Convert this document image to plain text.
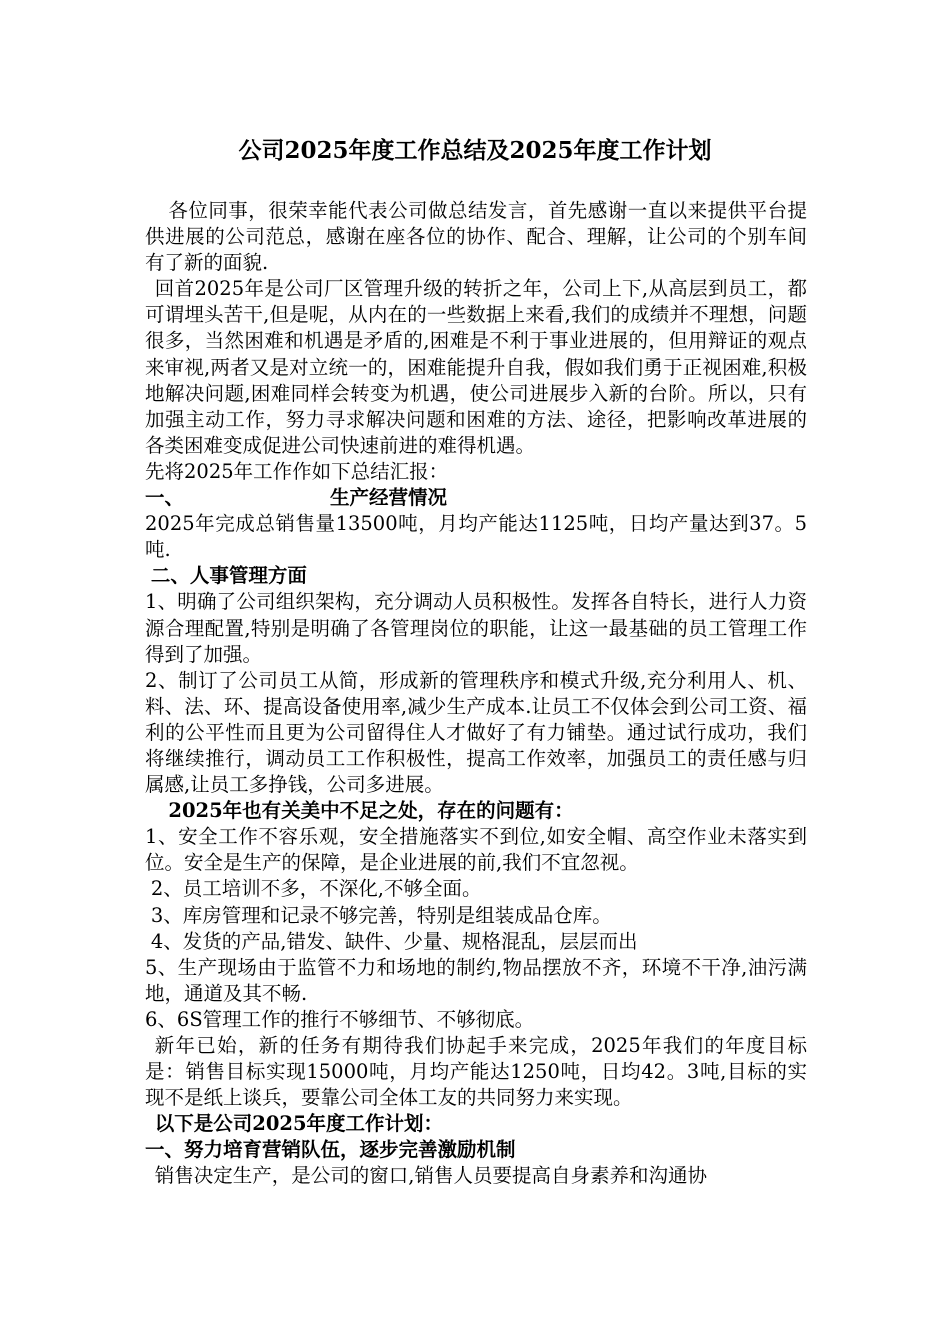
公司2025年度工作总结及2025年度工作计划

各位同事，很荣幸能代表公司做总结发言，首先感谢一直以来提供平台提供进展的公司范总，感谢在座各位的协作、配合、理解，让公司的个别车间有了新的面貌.

回首2025年是公司厂区管理升级的转折之年，公司上下,从高层到员工，都可谓埋头苦干,但是呢，从内在的一些数据上来看,我们的成绩并不理想，问题很多，当然困难和机遇是矛盾的,困难是不利于事业进展的，但用辩证的观点来审视,两者又是对立统一的，困难能提升自我，假如我们勇于正视困难,积极地解决问题,困难同样会转变为机遇，使公司进展步入新的台阶。所以，只有加强主动工作，努力寻求解决问题和困难的方法、途径，把影响改革进展的各类困难变成促进公司快速前进的难得机遇。

先将2025年工作作如下总结汇报：

一、	生产经营情况

2025年完成总销售量13500吨，月均产能达1125吨，日均产量达到37。5吨.

二、人事管理方面

1、明确了公司组织架构，充分调动人员积极性。发挥各自特长，进行人力资源合理配置,特别是明确了各管理岗位的职能，让这一最基础的员工管理工作得到了加强。

2、制订了公司员工从简，形成新的管理秩序和模式升级,充分利用人、机、料、法、环、提高设备使用率,减少生产成本.让员工不仅体会到公司工资、福利的公平性而且更为公司留得住人才做好了有力铺垫。通过试行成功，我们将继续推行，调动员工工作积极性，提高工作效率，加强员工的责任感与归属感,让员工多挣钱，公司多进展。

2025年也有关美中不足之处，存在的问题有：

1、安全工作不容乐观，安全措施落实不到位,如安全帽、高空作业未落实到位。安全是生产的保障，是企业进展的前,我们不宜忽视。

2、员工培训不多，不深化,不够全面。

3、库房管理和记录不够完善，特别是组装成品仓库。

4、发货的产品,错发、缺件、少量、规格混乱，层层而出

5、生产现场由于监管不力和场地的制约,物品摆放不齐，环境不干净,油污满地，通道及其不畅.

6、6S管理工作的推行不够细节、不够彻底。

新年已始，新的任务有期待我们协起手来完成，2025年我们的年度目标是：销售目标实现15000吨，月均产能达1250吨，日均42。3吨,目标的实现不是纸上谈兵，要靠公司全体工友的共同努力来实现。

以下是公司2025年度工作计划：

一、努力培育营销队伍，逐步完善激励机制

销售决定生产，是公司的窗口,销售人员要提高自身素养和沟通协
